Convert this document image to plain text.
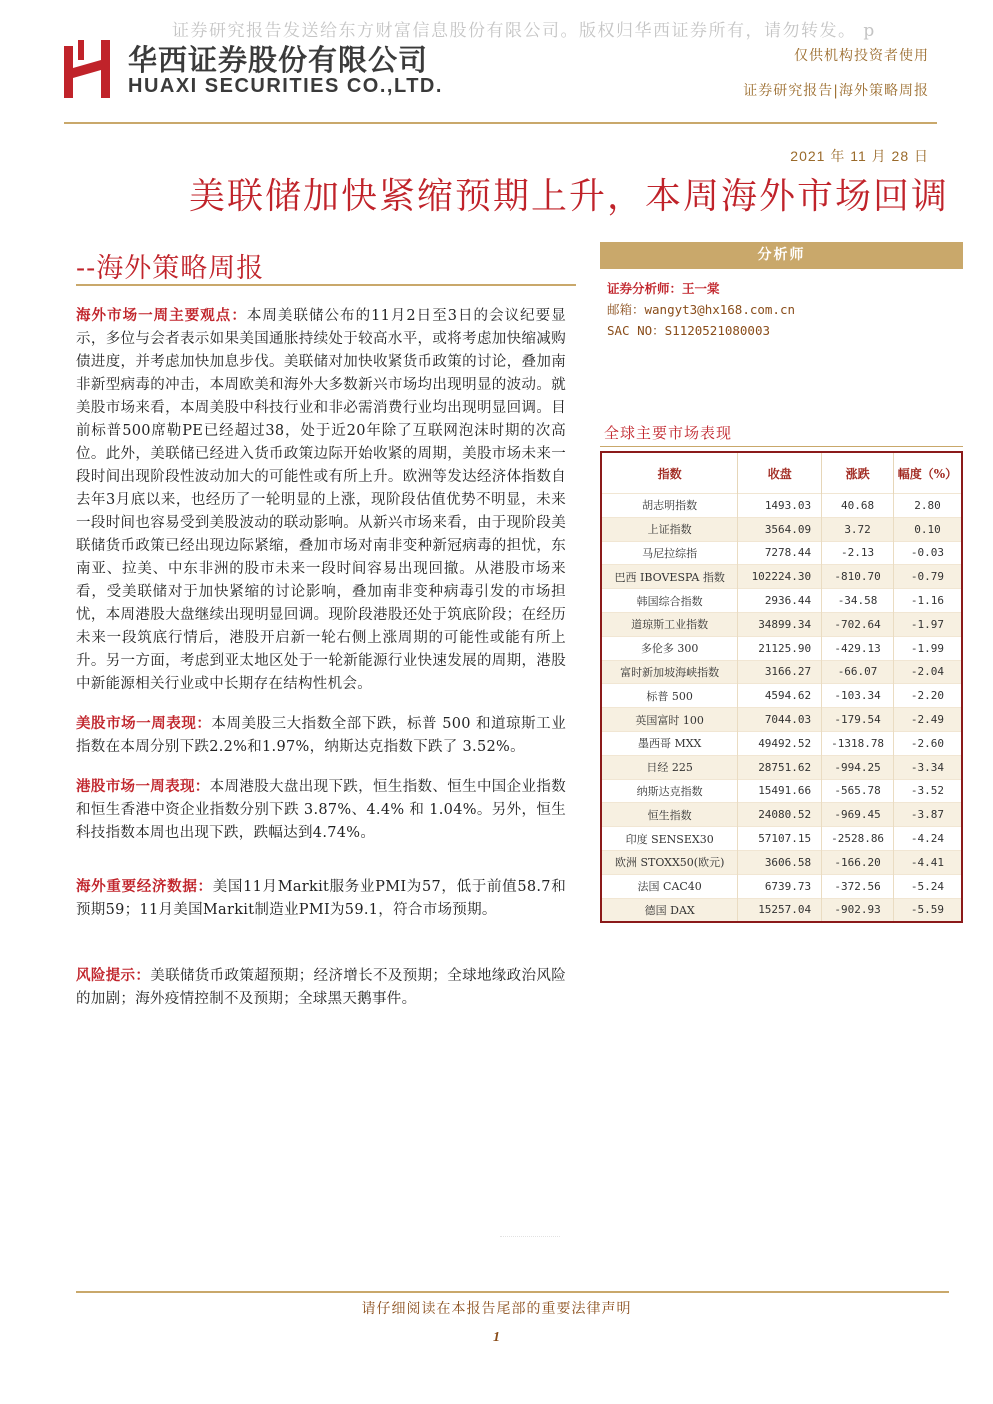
证券研究报告发送给东方财富信息股份有限公司。版权归华西证券所有，请勿转发。 p
华西证券股份有限公司
HUAXI SECURITIES CO.,LTD.
仅供机构投资者使用
证券研究报告|海外策略周报
2021 年 11 月 28 日
美联储加快紧缩预期上升，本周海外市场回调
--海外策略周报

海外市场一周主要观点：本周美联储公布的11月2日至3日的会议纪要显示，多位与会者表示如果美国通胀持续处于较高水平，或将考虑加快缩减购债进度，并考虑加快加息步伐。美联储对加快收紧货币政策的讨论，叠加南非新型病毒的冲击，本周欧美和海外大多数新兴市场均出现明显的波动。就美股市场来看，本周美股中科技行业和非必需消费行业均出现明显回调。目前标普500席勒PE已经超过38，处于近20年除了互联网泡沫时期的次高位。此外，美联储已经进入货币政策边际开始收紧的周期，美股市场未来一段时间出现阶段性波动加大的可能性或有所上升。欧洲等发达经济体指数自去年3月底以来，也经历了一轮明显的上涨，现阶段估值优势不明显，未来一段时间也容易受到美股波动的联动影响。从新兴市场来看，由于现阶段美联储货币政策已经出现边际紧缩，叠加市场对南非变种新冠病毒的担忧，东南亚、拉美、中东非洲的股市未来一段时间容易出现回撤。从港股市场来看，受美联储对于加快紧缩的讨论影响，叠加南非变种病毒引发的市场担忧，本周港股大盘继续出现明显回调。现阶段港股还处于筑底阶段；在经历未来一段筑底行情后，港股开启新一轮右侧上涨周期的可能性或能有所上升。另一方面，考虑到亚太地区处于一轮新能源行业快速发展的周期，港股中新能源相关行业或中长期存在结构性机会。

美股市场一周表现：本周美股三大指数全部下跌，标普 500 和道琼斯工业指数在本周分别下跌2.2%和1.97%，纳斯达克指数下跌了 3.52%。

港股市场一周表现：本周港股大盘出现下跌，恒生指数、恒生中国企业指数和恒生香港中资企业指数分别下跌 3.87%、4.4% 和 1.04%。另外，恒生科技指数本周也出现下跌，跌幅达到4.74%。

海外重要经济数据：美国11月Markit服务业PMI为57，低于前值58.7和预期59；11月美国Markit制造业PMI为59.1，符合市场预期。

风险提示：美联储货币政策超预期；经济增长不及预期；全球地缘政治风险的加剧；海外疫情控制不及预期；全球黑天鹅事件。

分析师
证券分析师：王一棠
邮箱：wangyt3@hx168.com.cn
SAC NO：S1120521080003
全球主要市场表现
指数	收盘	涨跌	幅度（%）
胡志明指数	1493.03	40.68	2.80
上证指数	3564.09	3.72	0.10
马尼拉综指	7278.44	-2.13	-0.03
巴西 IBOVESPA 指数	102224.30	-810.70	-0.79
韩国综合指数	2936.44	-34.58	-1.16
道琼斯工业指数	34899.34	-702.64	-1.97
多伦多 300	21125.90	-429.13	-1.99
富时新加坡海峡指数	3166.27	-66.07	-2.04
标普 500	4594.62	-103.34	-2.20
英国富时 100	7044.03	-179.54	-2.49
墨西哥 MXX	49492.52	-1318.78	-2.60
日经 225	28751.62	-994.25	-3.34
纳斯达克指数	15491.66	-565.78	-3.52
恒生指数	24080.52	-969.45	-3.87
印度 SENSEX30	57107.15	-2528.86	-4.24
欧洲 STOXX50(欧元)	3606.58	-166.20	-4.41
法国 CAC40	6739.73	-372.56	-5.24
德国 DAX	15257.04	-902.93	-5.59
请仔细阅读在本报告尾部的重要法律声明
1
